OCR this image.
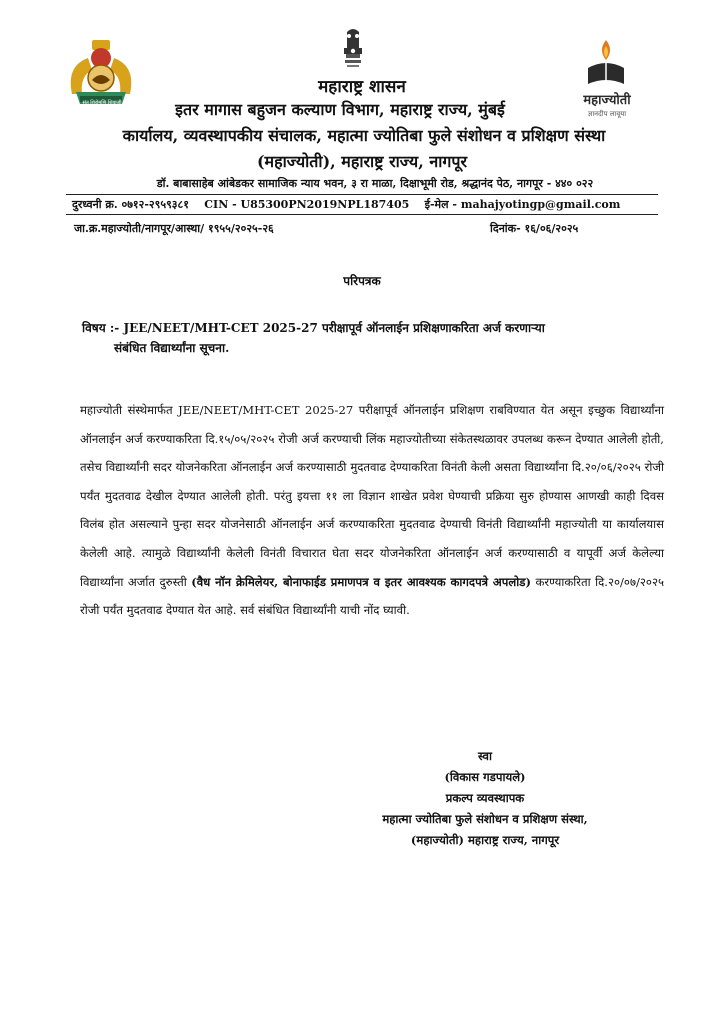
संत शिरोमणि शिवाजी	महाज्योती
ज्ञानदीप लावूया
महाराष्ट्र शासन
इतर मागास बहुजन कल्याण विभाग, महाराष्ट्र राज्य, मुंबई
कार्यालय, व्यवस्थापकीय संचालक, महात्मा ज्योतिबा फुले संशोधन व प्रशिक्षण संस्था
(महाज्योती), महाराष्ट्र राज्य, नागपूर
डॉ. बाबासाहेब आंबेडकर सामाजिक न्याय भवन, ३ रा माळा, दिक्षाभूमी रोड, श्रद्धानंद पेठ, नागपूर - ४४० ०२२
दुरध्वनी क्र. ०७१२-२९५९३८१ CIN - U85300PN2019NPL187405 ई-मेल - mahajyotingp@gmail.com
जा.क्र.महाज्योती/नागपूर/आस्था/ १९५५/२०२५-२६	दिनांक- १६/०६/२०२५
परिपत्रक
विषय :- JEE/NEET/MHT-CET 2025-27 परीक्षापूर्व ऑनलाईन प्रशिक्षणाकरिता अर्ज करणाऱ्या
संबंधित विद्यार्थ्यांना सूचना.
महाज्योती संस्थेमार्फत JEE/NEET/MHT-CET 2025-27 परीक्षापूर्व ऑनलाईन प्रशिक्षण राबविण्यात येत असून इच्छुक विद्यार्थ्यांना ऑनलाईन अर्ज करण्याकरिता दि.१५/०५/२०२५ रोजी अर्ज करण्याची लिंक महाज्योतीच्या संकेतस्थळावर उपलब्ध करून देण्यात आलेली होती, तसेच विद्यार्थ्यांनी सदर योजनेकरिता ऑनलाईन अर्ज करण्यासाठी मुदतवाढ देण्याकरिता विनंती केली असता विद्यार्थ्यांना दि.२०/०६/२०२५ रोजी पर्यंत मुदतवाढ देखील देण्यात आलेली होती. परंतु इयत्ता ११ ला विज्ञान शाखेत प्रवेश घेण्याची प्रक्रिया सुरु होण्यास आणखी काही दिवस विलंब होत असल्याने पुन्हा सदर योजनेसाठी ऑनलाईन अर्ज करण्याकरिता मुदतवाढ देण्याची विनंती विद्यार्थ्यांनी महाज्योती या कार्यालयास केलेली आहे. त्यामुळे विद्यार्थ्यांनी केलेली विनंती विचारात घेता सदर योजनेकरिता ऑनलाईन अर्ज करण्यासाठी व यापूर्वी अर्ज केलेल्या विद्यार्थ्यांना अर्जात दुरुस्ती (वैध नॉन क्रेमिलेयर, बोनाफाईड प्रमाणपत्र व इतर आवश्यक कागदपत्रे अपलोड) करण्याकरिता दि.२०/०७/२०२५ रोजी पर्यंत मुदतवाढ देण्यात येत आहे. सर्व संबंधित विद्यार्थ्यांनी याची नोंद घ्यावी.
स्वा
(विकास गडपायले)
प्रकल्प व्यवस्थापक
महात्मा ज्योतिबा फुले संशोधन व प्रशिक्षण संस्था,
(महाज्योती) महाराष्ट्र राज्य, नागपूर
